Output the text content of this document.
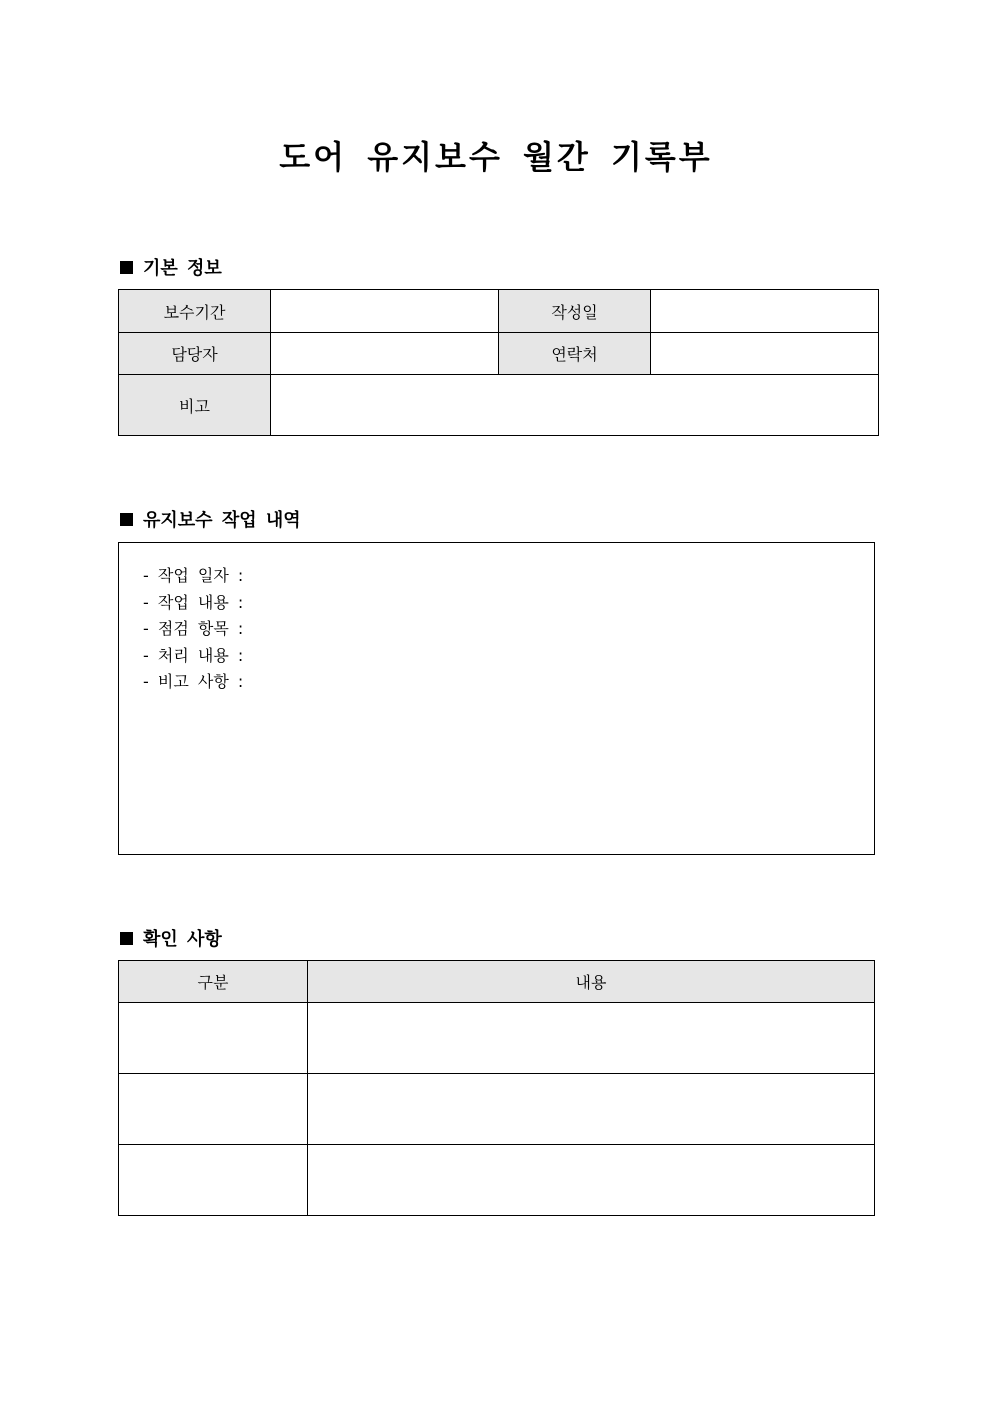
도어 유지보수 월간 기록부
기본 정보
보수기간		작성일	
담당자		연락처	
비고			
유지보수 작업 내역
- 작업 일자 :
- 작업 내용 :
- 점검 항목 :
- 처리 내용 :
- 비고 사항 :
확인 사항
구분	내용
